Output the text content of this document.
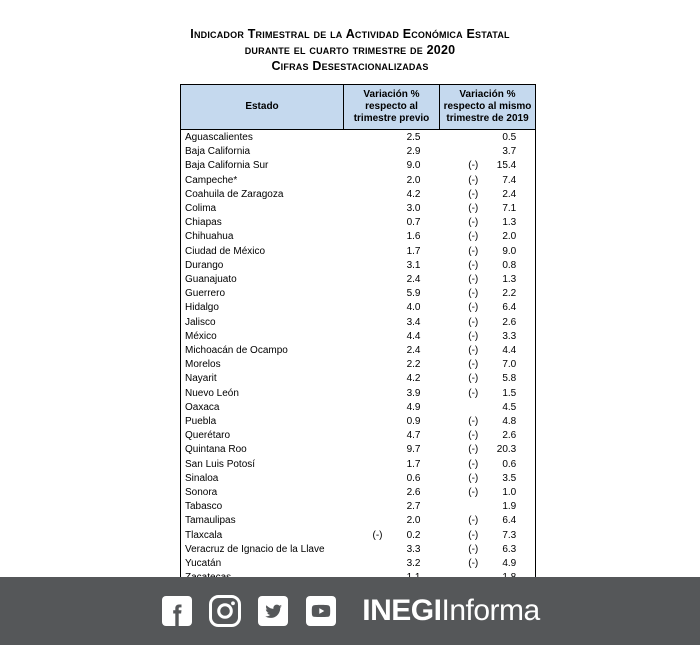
Indicador Trimestral de la Actividad Económica Estatal
durante el cuarto trimestre de 2020
Cifras Desestacionalizadas
Estado	Variación % respecto al trimestre previo	Variación % respecto al mismo trimestre de 2019
Aguascalientes	2.5	0.5

Baja California	2.9	3.7

Baja California Sur	9.0	(-) 15.4

Campeche*	2.0	(-) 7.4

Coahuila de Zaragoza	4.2	(-) 2.4

Colima	3.0	(-) 7.1

Chiapas	0.7	(-) 1.3

Chihuahua	1.6	(-) 2.0

Ciudad de México	1.7	(-) 9.0

Durango	3.1	(-) 0.8

Guanajuato	2.4	(-) 1.3

Guerrero	5.9	(-) 2.2

Hidalgo	4.0	(-) 6.4

Jalisco	3.4	(-) 2.6

México	4.4	(-) 3.3

Michoacán de Ocampo	2.4	(-) 4.4

Morelos	2.2	(-) 7.0

Nayarit	4.2	(-) 5.8

Nuevo León	3.9	(-) 1.5

Oaxaca	4.9	4.5

Puebla	0.9	(-) 4.8

Querétaro	4.7	(-) 2.6

Quintana Roo	9.7	(-) 20.3

San Luis Potosí	1.7	(-) 0.6

Sinaloa	0.6	(-) 3.5

Sonora	2.6	(-) 1.0

Tabasco	2.7	1.9

Tamaulipas	2.0	(-) 6.4

Tlaxcala	(-) 0.2	(-) 7.3

Veracruz de Ignacio de la Llave	3.3	(-) 6.3

Yucatán	3.2	(-) 4.9

INEGI Informa
